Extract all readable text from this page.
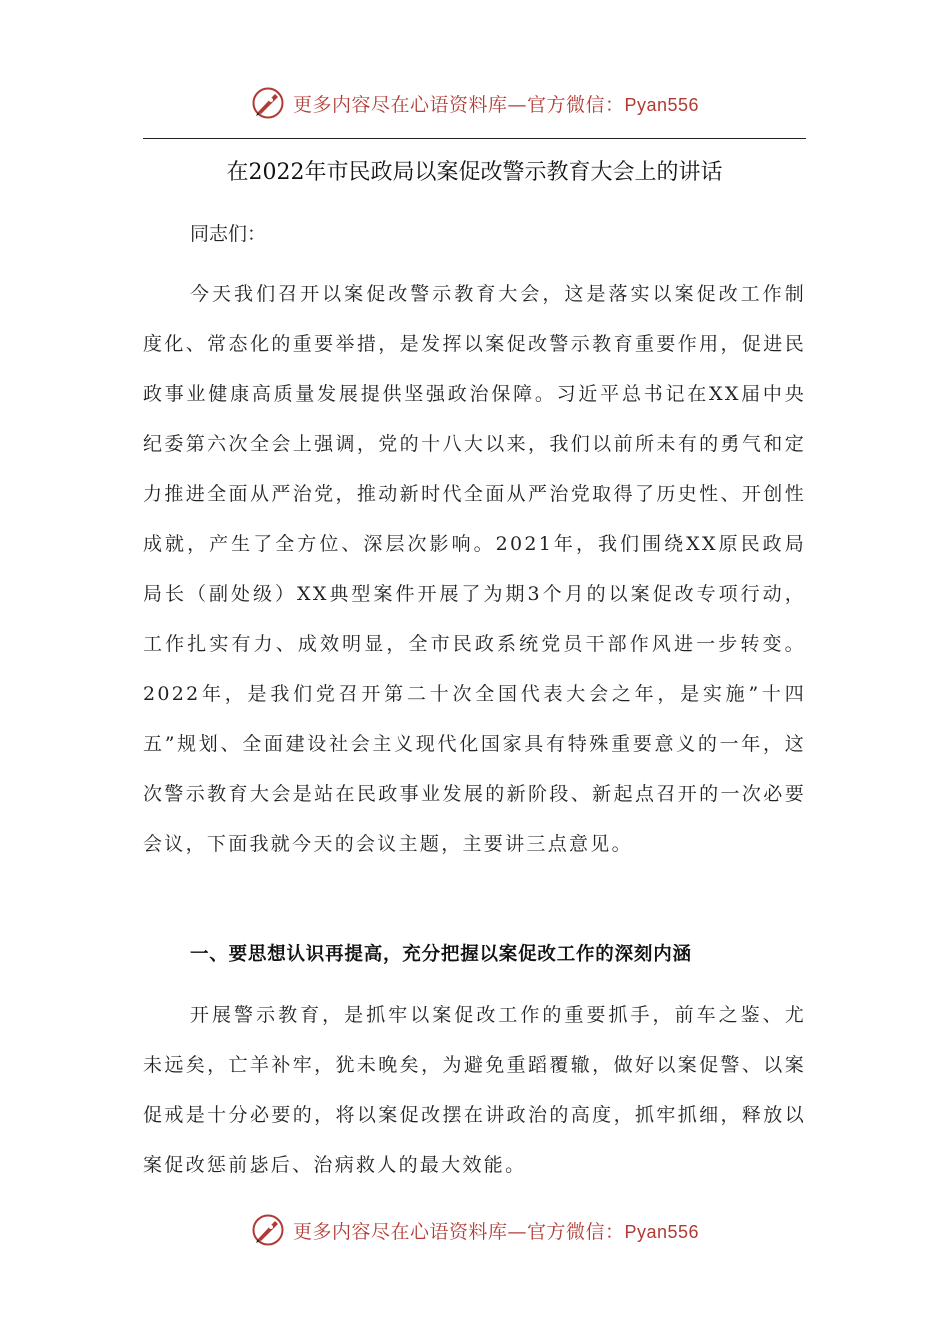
更多内容尽在心语资料库—官方微信：Pyan556
在2022年市民政局以案促改警示教育大会上的讲话

同志们：

今天我们召开以案促改警示教育大会，这是落实以案促改工作制度化、常态化的重要举措，是发挥以案促改警示教育重要作用，促进民政事业健康高质量发展提供坚强政治保障。习近平总书记在XX届中央纪委第六次全会上强调，党的十八大以来，我们以前所未有的勇气和定力推进全面从严治党，推动新时代全面从严治党取得了历史性、开创性成就，产生了全方位、深层次影响。2021年，我们围绕XX原民政局局长（副处级）XX典型案件开展了为期3个月的以案促改专项行动，工作扎实有力、成效明显，全市民政系统党员干部作风进一步转变。2022年，是我们党召开第二十次全国代表大会之年，是实施”十四五”规划、全面建设社会主义现代化国家具有特殊重要意义的一年，这次警示教育大会是站在民政事业发展的新阶段、新起点召开的一次必要会议，下面我就今天的会议主题，主要讲三点意见。

一、要思想认识再提高，充分把握以案促改工作的深刻内涵

开展警示教育，是抓牢以案促改工作的重要抓手，前车之鉴、尤未远矣，亡羊补牢，犹未晚矣，为避免重蹈覆辙，做好以案促警、以案促戒是十分必要的，将以案促改摆在讲政治的高度，抓牢抓细，释放以案促改惩前毖后、治病救人的最大效能。

更多内容尽在心语资料库—官方微信：Pyan556
